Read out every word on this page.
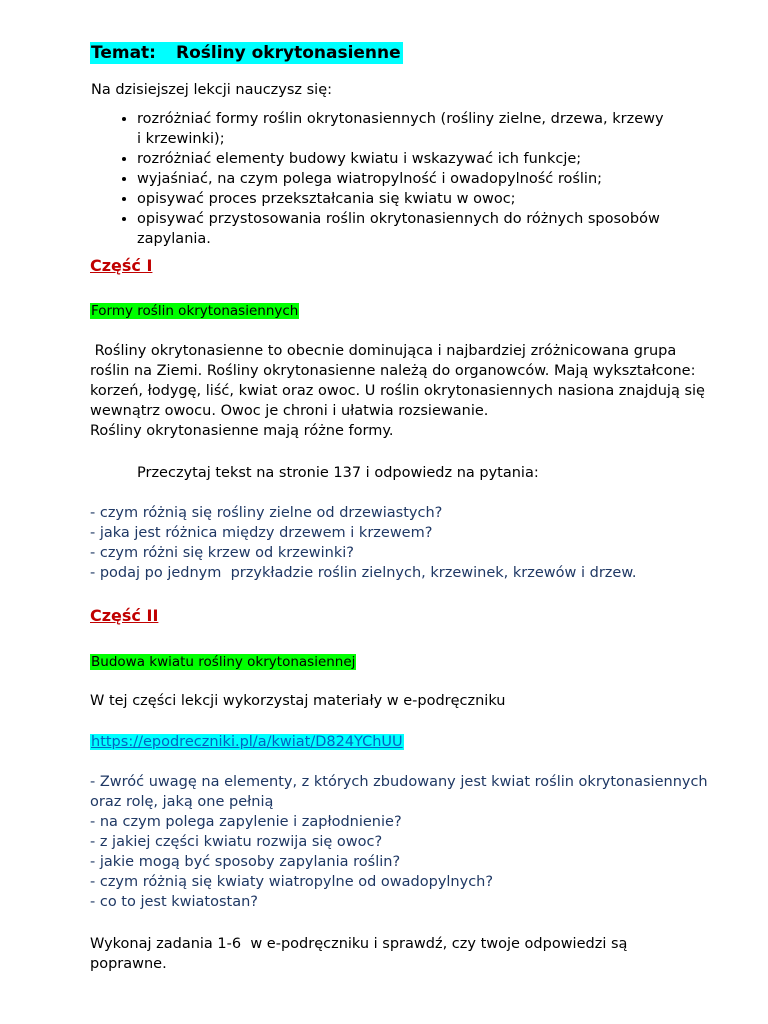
Temat: Rośliny okrytonasienne
Na dzisiejszej lekcji nauczysz się:
• rozróżniać formy roślin okrytonasiennych (rośliny zielne, drzewa, krzewy
i krzewinki);
• rozróżniać elementy budowy kwiatu i wskazywać ich funkcje;
• wyjaśniać, na czym polega wiatropylność i owadopylność roślin;
• opisywać proces przekształcania się kwiatu w owoc;
• opisywać przystosowania roślin okrytonasiennych do różnych sposobów
zapylania.
Część I
Formy roślin okrytonasiennych
Rośliny okrytonasienne to obecnie dominująca i najbardziej zróżnicowana grupa
roślin na Ziemi. Rośliny okrytonasienne należą do organowców. Mają wykształcone:
korzeń, łodygę, liść, kwiat oraz owoc. U roślin okrytonasiennych nasiona znajdują się
wewnątrz owocu. Owoc je chroni i ułatwia rozsiewanie.
Rośliny okrytonasienne mają różne formy.
Przeczytaj tekst na stronie 137 i odpowiedz na pytania:
- czym różnią się rośliny zielne od drzewiastych?
- jaka jest różnica między drzewem i krzewem?
- czym różni się krzew od krzewinki?
- podaj po jednym  przykładzie roślin zielnych, krzewinek, krzewów i drzew.
Część II
Budowa kwiatu rośliny okrytonasiennej
W tej części lekcji wykorzystaj materiały w e-podręczniku
https://epodreczniki.pl/a/kwiat/D824YChUU
- Zwróć uwagę na elementy, z których zbudowany jest kwiat roślin okrytonasiennych
oraz rolę, jaką one pełnią
- na czym polega zapylenie i zapłodnienie?
- z jakiej części kwiatu rozwija się owoc?
- jakie mogą być sposoby zapylania roślin?
- czym różnią się kwiaty wiatropylne od owadopylnych?
- co to jest kwiatostan?
Wykonaj zadania 1-6  w e-podręczniku i sprawdź, czy twoje odpowiedzi są
poprawne.
